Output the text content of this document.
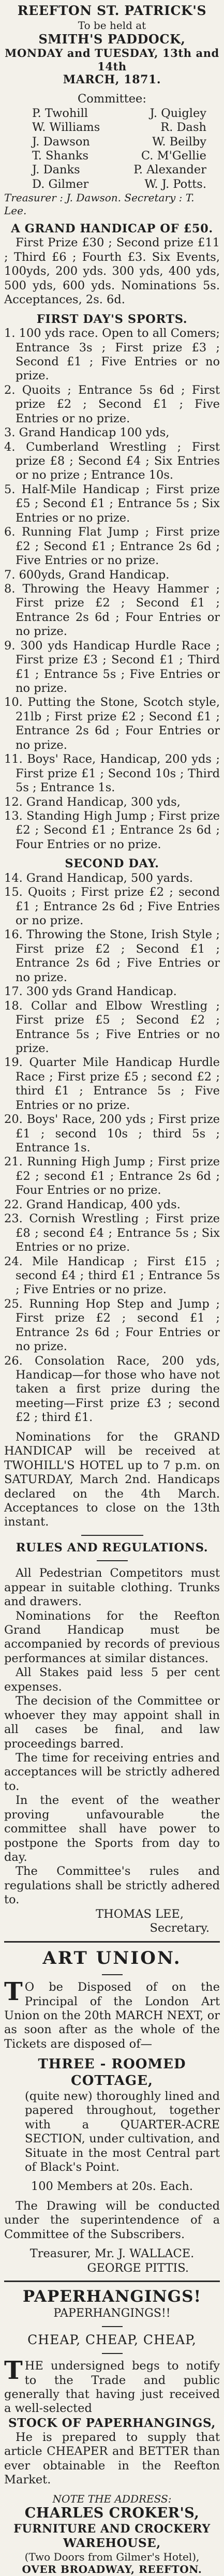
REEFTON ST. PATRICK'S

To be held at

SMITH'S PADDOCK,

MONDAY and TUESDAY, 13th and 14th

MARCH, 1871.

Committee:

P. Twohill	J. Quigley
W. Williams	R. Dash
J. Dawson	W. Beilby
T. Shanks	C. M'Gellie
J. Danks	P. Alexander
D. Gilmer	W. J. Potts.

Treasurer : J. Dawson. Secretary : T. Lee.

A GRAND HANDICAP OF £50.

First Prize £30 ; Second prize £11 ; Third £6 ; Fourth £3. Six Events, 100yds, 200 yds. 300 yds, 400 yds, 500 yds, 600 yds. Nominations 5s. Acceptances, 2s. 6d.

FIRST DAY'S SPORTS.

1. 100 yds race. Open to all Comers; Entrance 3s ; First prize £3 ; Second £1 ; Five Entries or no prize.

2. Quoits ; Entrance 5s 6d ; First prize £2 ; Second £1 ; Five Entries or no prize.

3. Grand Handicap 100 yds,

4. Cumberland Wrestling ; First prize £8 ; Second £4 ; Six Entries or no prize ; Entrance 10s.

5. Half-Mile Handicap ; First prize £5 ; Second £1 ; Entrance 5s ; Six Entries or no prize.

6. Running Flat Jump ; First prize £2 ; Second £1 ; Entrance 2s 6d ; Five Entries or no prize.

7. 600yds, Grand Handicap.

8. Throwing the Heavy Hammer ; First prize £2 ; Second £1 ; Entrance 2s 6d ; Four Entries or no prize.

9. 300 yds Handicap Hurdle Race ; First prize £3 ; Second £1 ; Third £1 ; Entrance 5s ; Five Entries or no prize.

10. Putting the Stone, Scotch style, 21lb ; First prize £2 ; Second £1 ; Entrance 2s 6d ; Four Entries or no prize.

11. Boys' Race, Handicap, 200 yds ; First prize £1 ; Second 10s ; Third 5s ; Entrance 1s.

12. Grand Handicap, 300 yds,

13. Standing High Jump ; First prize £2 ; Second £1 ; Entrance 2s 6d ; Four Entries or no prize.

SECOND DAY.

14. Grand Handicap, 500 yards.

15. Quoits ; First prize £2 ; second £1 ; Entrance 2s 6d ; Five Entries or no prize.

16. Throwing the Stone, Irish Style ; First prize £2 ; Second £1 ; Entrance 2s 6d ; Five Entries or no prize.

17. 300 yds Grand Handicap.

18. Collar and Elbow Wrestling ; First prize £5 ; Second £2 ; Entrance 5s ; Five Entries or no prize.

19. Quarter Mile Handicap Hurdle Race ; First prize £5 ; second £2 ; third £1 ; Entrance 5s ; Five Entries or no prize.

20. Boys' Race, 200 yds ; First prize £1 ; second 10s ; third 5s ; Entrance 1s.

21. Running High Jump ; First prize £2 ; second £1 ; Entrance 2s 6d ; Four Entries or no prize.

22. Grand Handicap, 400 yds.

23. Cornish Wrestling ; First prize £8 ; second £4 ; Entrance 5s ; Six Entries or no prize.

24. Mile Handicap ; First £15 ; second £4 ; third £1 ; Entrance 5s ; Five Entries or no prize.

25. Running Hop Step and Jump ; First prize £2 ; second £1 ; Entrance 2s 6d ; Four Entries or no prize.

26. Consolation Race, 200 yds, Handicap—for those who have not taken a first prize during the meeting—First prize £3 ; second £2 ; third £1.

Nominations for the GRAND HANDICAP will be received at TWOHILL'S HOTEL up to 7 p.m. on SATURDAY, March 2nd. Handicaps declared on the 4th March. Acceptances to close on the 13th instant.

RULES AND REGULATIONS.

All Pedestrian Competitors must appear in suitable clothing. Trunks and drawers.

Nominations for the Reefton Grand Handicap must be accompanied by records of previous performances at similar distances.

All Stakes paid less 5 per cent expenses.

The decision of the Committee or whoever they may appoint shall in all cases be final, and law proceedings barred.

The time for receiving entries and acceptances will be strictly adhered to.

In the event of the weather proving unfavourable the committee shall have power to postpone the Sports from day to day.

The Committee's rules and regulations shall be strictly adhered to.

THOMAS LEE,

Secretary.

ART UNION.

T O be Disposed of on the Principal of the London Art Union on the 20th MARCH NEXT, or as soon after as the whole of the Tickets are disposed of—

THREE - ROOMED COTTAGE,

(quite new) thoroughly lined and papered throughout, together with a QUARTER-ACRE SECTION, under cultivation, and Situate in the most Central part of Black's Point.

100 Members at 20s. Each.

The Drawing will be conducted under the superintendence of a Committee of the Subscribers.

Treasurer, Mr. J. WALLACE.

GEORGE PITTIS.

PAPERHANGINGS!

PAPERHANGINGS!!

CHEAP, CHEAP, CHEAP,

THE undersigned begs to notify to the Trade and public generally that having just received a well-selected

STOCK OF PAPERHANGINGS,

He is prepared to supply that article CHEAPER and BETTER than ever obtainable in the Reefton Market.

NOTE THE ADDRESS:

CHARLES CROKER'S,

FURNITURE AND CROCKERY

WAREHOUSE,

(Two Doors from Gilmer's Hotel),

OVER BROADWAY, REEFTON.
